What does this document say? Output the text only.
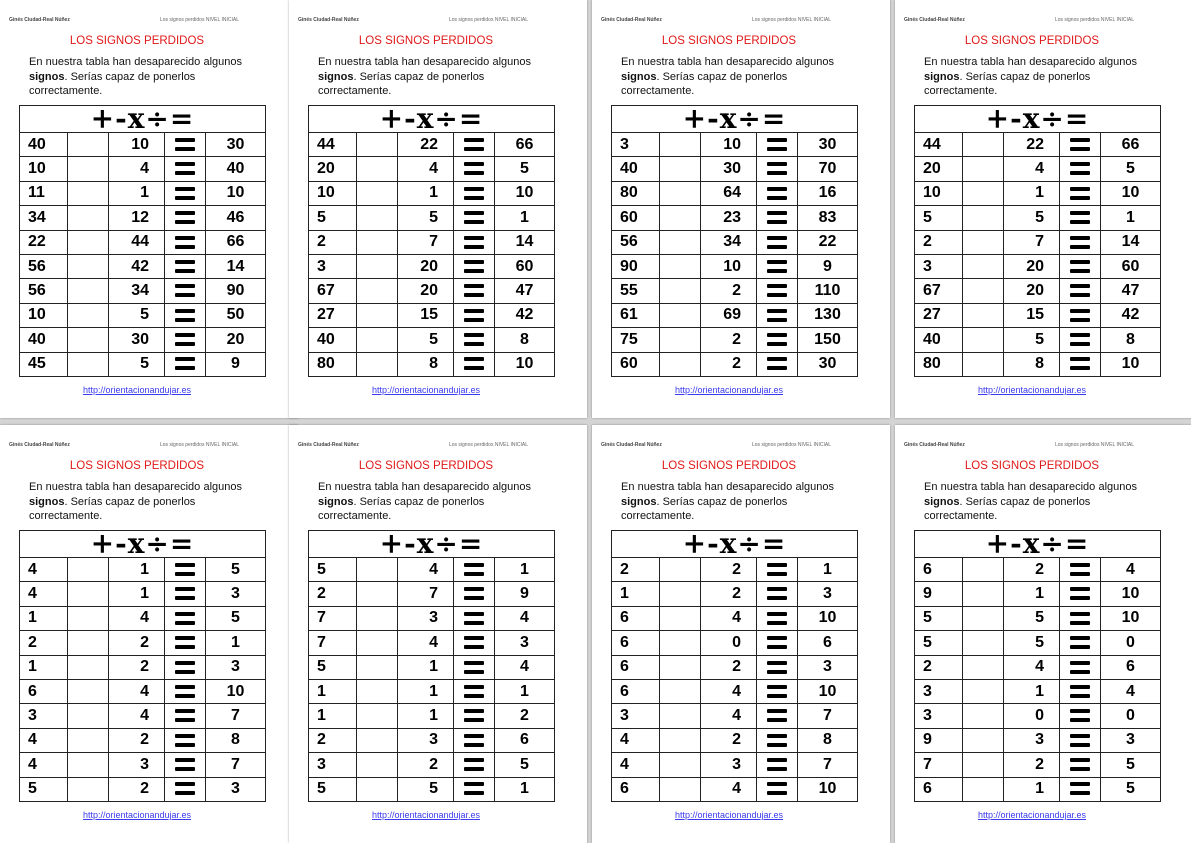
Ginés Ciudad-Real Núñez	Los signos perdidos NIVEL INICIAL
LOS SIGNOS PERDIDOS
En nuestra tabla han desaparecido algunos signos. Serías capaz de ponerlos
correctamente.
+-x÷=				
40		10		30
10		4		40
11		1		10
34		12		46
22		44		66
56		42		14
56		34		90
10		5		50
40		30		20
45		5		9
http://orientacionandujar.es
Ginés Ciudad-Real Núñez	Los signos perdidos NIVEL INICIAL
LOS SIGNOS PERDIDOS
En nuestra tabla han desaparecido algunos signos. Serías capaz de ponerlos
correctamente.
+-x÷=				
44		22		66
20		4		5
10		1		10
5		5		1
2		7		14
3		20		60
67		20		47
27		15		42
40		5		8
80		8		10
http://orientacionandujar.es
Ginés Ciudad-Real Núñez	Los signos perdidos NIVEL INICIAL
LOS SIGNOS PERDIDOS
En nuestra tabla han desaparecido algunos signos. Serías capaz de ponerlos
correctamente.
+-x÷=				
3		10		30
40		30		70
80		64		16
60		23		83
56		34		22
90		10		9
55		2		110
61		69		130
75		2		150
60		2		30
http://orientacionandujar.es
Ginés Ciudad-Real Núñez	Los signos perdidos NIVEL INICIAL
LOS SIGNOS PERDIDOS
En nuestra tabla han desaparecido algunos signos. Serías capaz de ponerlos
correctamente.
+-x÷=				
44		22		66
20		4		5
10		1		10
5		5		1
2		7		14
3		20		60
67		20		47
27		15		42
40		5		8
80		8		10
http://orientacionandujar.es
Ginés Ciudad-Real Núñez	Los signos perdidos NIVEL INICIAL
LOS SIGNOS PERDIDOS
En nuestra tabla han desaparecido algunos signos. Serías capaz de ponerlos
correctamente.
+-x÷=				
4		1		5
4		1		3
1		4		5
2		2		1
1		2		3
6		4		10
3		4		7
4		2		8
4		3		7
5		2		3
http://orientacionandujar.es
Ginés Ciudad-Real Núñez	Los signos perdidos NIVEL INICIAL
LOS SIGNOS PERDIDOS
En nuestra tabla han desaparecido algunos signos. Serías capaz de ponerlos
correctamente.
+-x÷=				
5		4		1
2		7		9
7		3		4
7		4		3
5		1		4
1		1		1
1		1		2
2		3		6
3		2		5
5		5		1
http://orientacionandujar.es
Ginés Ciudad-Real Núñez	Los signos perdidos NIVEL INICIAL
LOS SIGNOS PERDIDOS
En nuestra tabla han desaparecido algunos signos. Serías capaz de ponerlos
correctamente.
+-x÷=				
2		2		1
1		2		3
6		4		10
6		0		6
6		2		3
6		4		10
3		4		7
4		2		8
4		3		7
6		4		10
http://orientacionandujar.es
Ginés Ciudad-Real Núñez	Los signos perdidos NIVEL INICIAL
LOS SIGNOS PERDIDOS
En nuestra tabla han desaparecido algunos signos. Serías capaz de ponerlos
correctamente.
+-x÷=				
6		2		4
9		1		10
5		5		10
5		5		0
2		4		6
3		1		4
3		0		0
9		3		3
7		2		5
6		1		5
http://orientacionandujar.es
